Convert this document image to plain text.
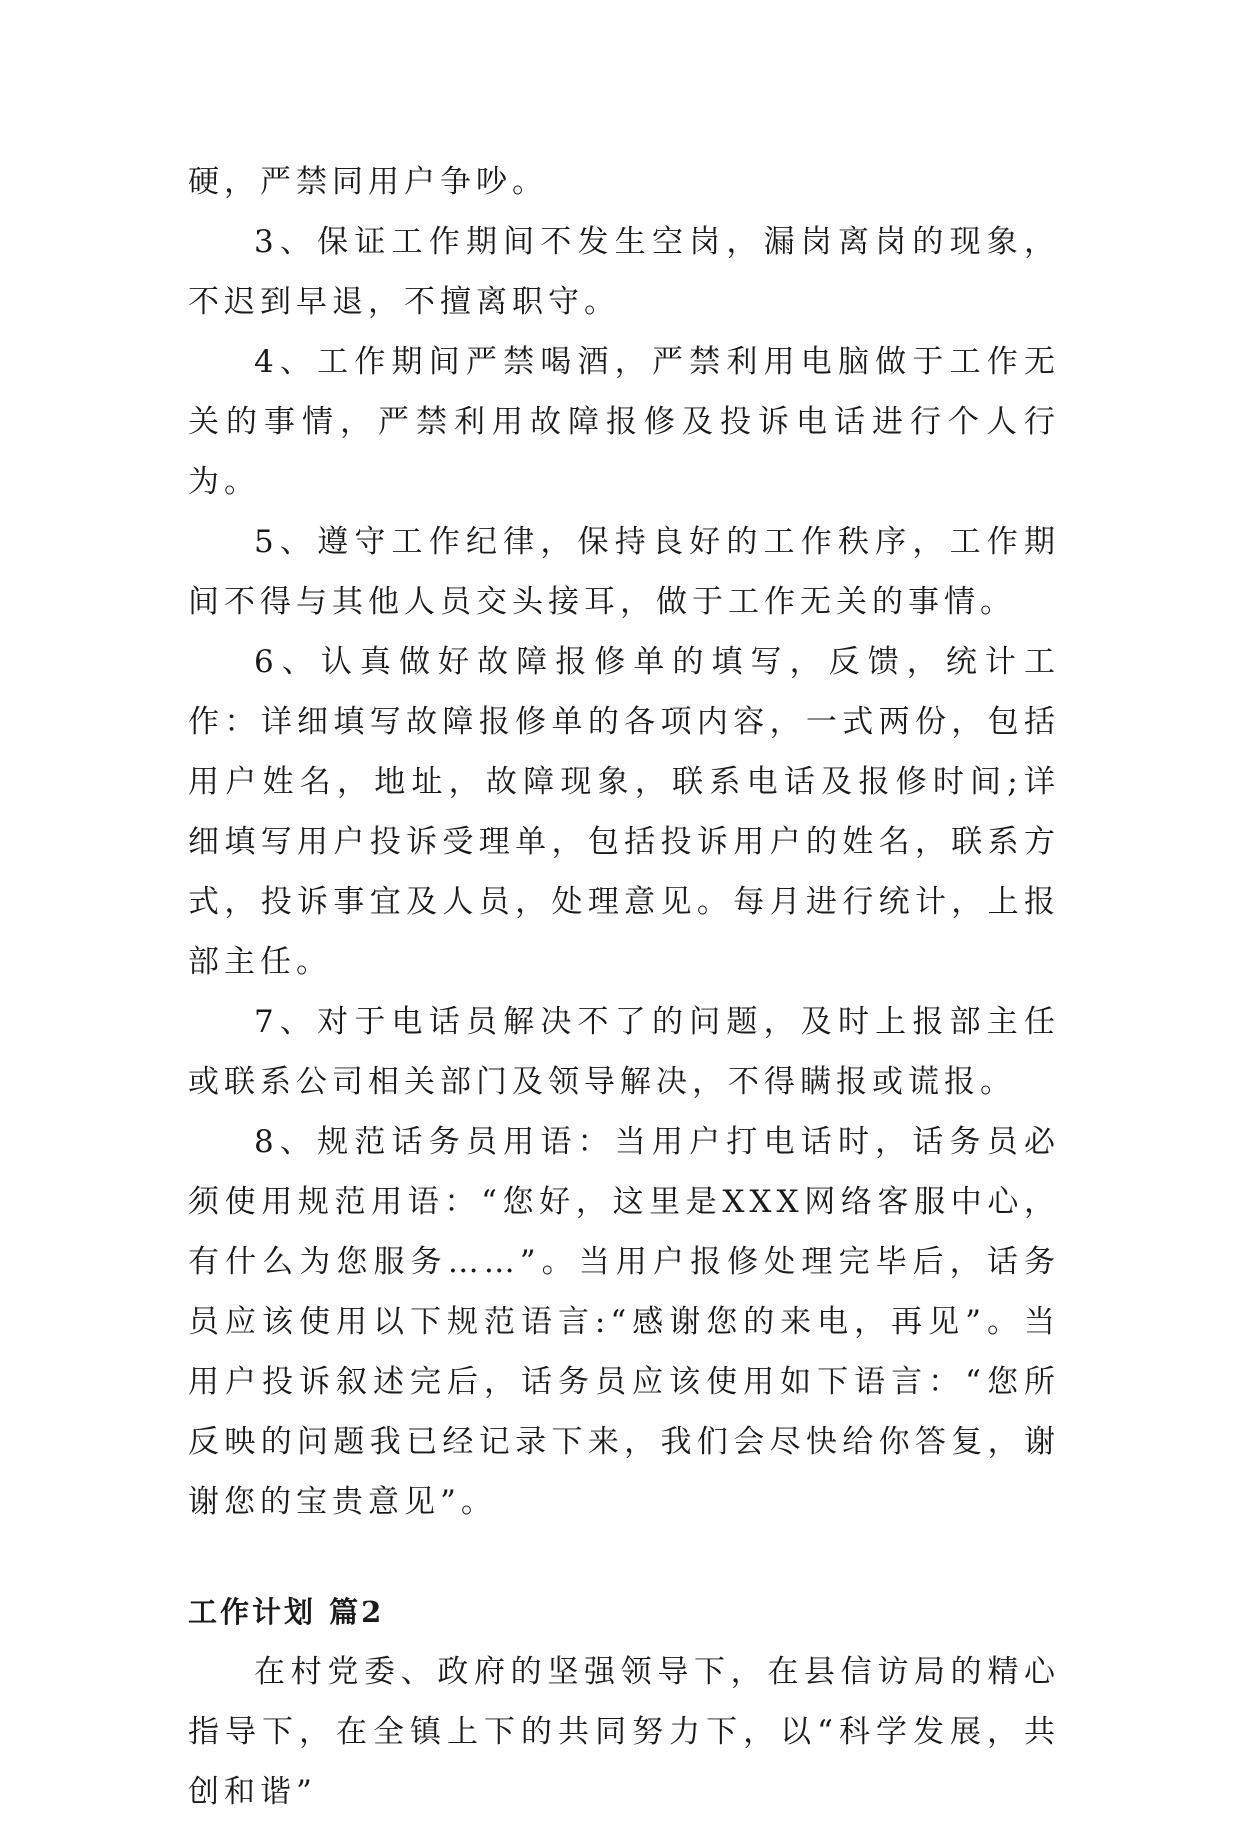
硬，严禁同用户争吵。

3、保证工作期间不发生空岗，漏岗离岗的现象，不迟到早退，不擅离职守。

4、工作期间严禁喝酒，严禁利用电脑做于工作无关的事情，严禁利用故障报修及投诉电话进行个人行为。

5、遵守工作纪律，保持良好的工作秩序，工作期间不得与其他人员交头接耳，做于工作无关的事情。

6、认真做好故障报修单的填写，反馈，统计工作：详细填写故障报修单的各项内容，一式两份，包括用户姓名，地址，故障现象，联系电话及报修时间;详细填写用户投诉受理单，包括投诉用户的姓名，联系方式，投诉事宜及人员，处理意见。每月进行统计，上报部主任。

7、对于电话员解决不了的问题，及时上报部主任或联系公司相关部门及领导解决，不得瞒报或谎报。

8、规范话务员用语：当用户打电话时，话务员必须使用规范用语：“您好，这里是XXX网络客服中心，有什么为您服务……”。当用户报修处理完毕后，话务员应该使用以下规范语言:“感谢您的来电，再见”。当用户投诉叙述完后，话务员应该使用如下语言：“您所反映的问题我已经记录下来，我们会尽快给你答复，谢谢您的宝贵意见”。

工作计划 篇2

在村党委、政府的坚强领导下，在县信访局的精心指导下，在全镇上下的共同努力下，以“科学发展，共创和谐”
